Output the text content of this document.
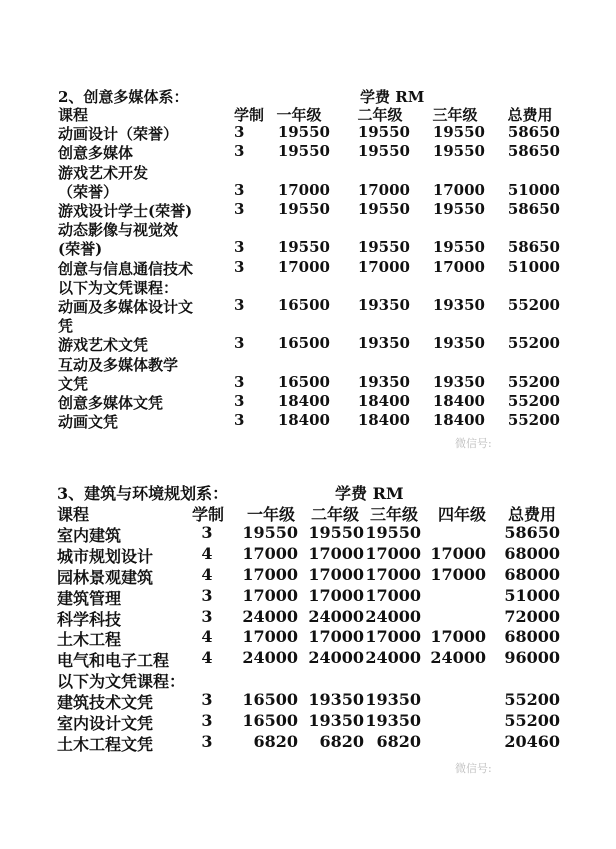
2、创意多媒体系：	学费 RM
课程	学制 一年级	二年级	三年级	总费用
动画设计（荣誉）	3	19550	19550	19550	58650
创意多媒体	3	19550	19550	19550	58650
游戏艺术开发
（荣誉）	3	17000	17000	17000	51000
游戏设计学士(荣誉)	3	19550	19550	19550	58650
动态影像与视觉效
(荣誉)	3	19550	19550	19550	58650
创意与信息通信技术	3	17000	17000	17000	51000
以下为文凭课程：
动画及多媒体设计文	3	16500	19350	19350	55200
凭
游戏艺术文凭	3	16500	19350	19350	55200
互动及多媒体教学
文凭	3	16500	19350	19350	55200
创意多媒体文凭	3	18400	18400	18400	55200
动画文凭	3	18400	18400	18400	55200
3、建筑与环境规划系：	学费 RM
课程	学制	一年级 二年级 三年级 四年级	总费用
室内建筑	3	19550 19550 19550	58650
城市规划设计	4	17000 17000 17000 17000	68000
园林景观建筑	4	17000 17000 17000 17000	68000
建筑管理	3	17000 17000 17000	51000
科学科技	3	24000 24000 24000	72000
土木工程	4	17000 17000 17000 17000	68000
电气和电子工程 4	24000 24000 24000 24000	96000
以下为文凭课程：
建筑技术文凭	3	16500 19350 19350	55200
室内设计文凭	3	16500 19350 19350	55200
土木工程文凭	3	6820	6820 6820	20460
微信号:
微信号:
